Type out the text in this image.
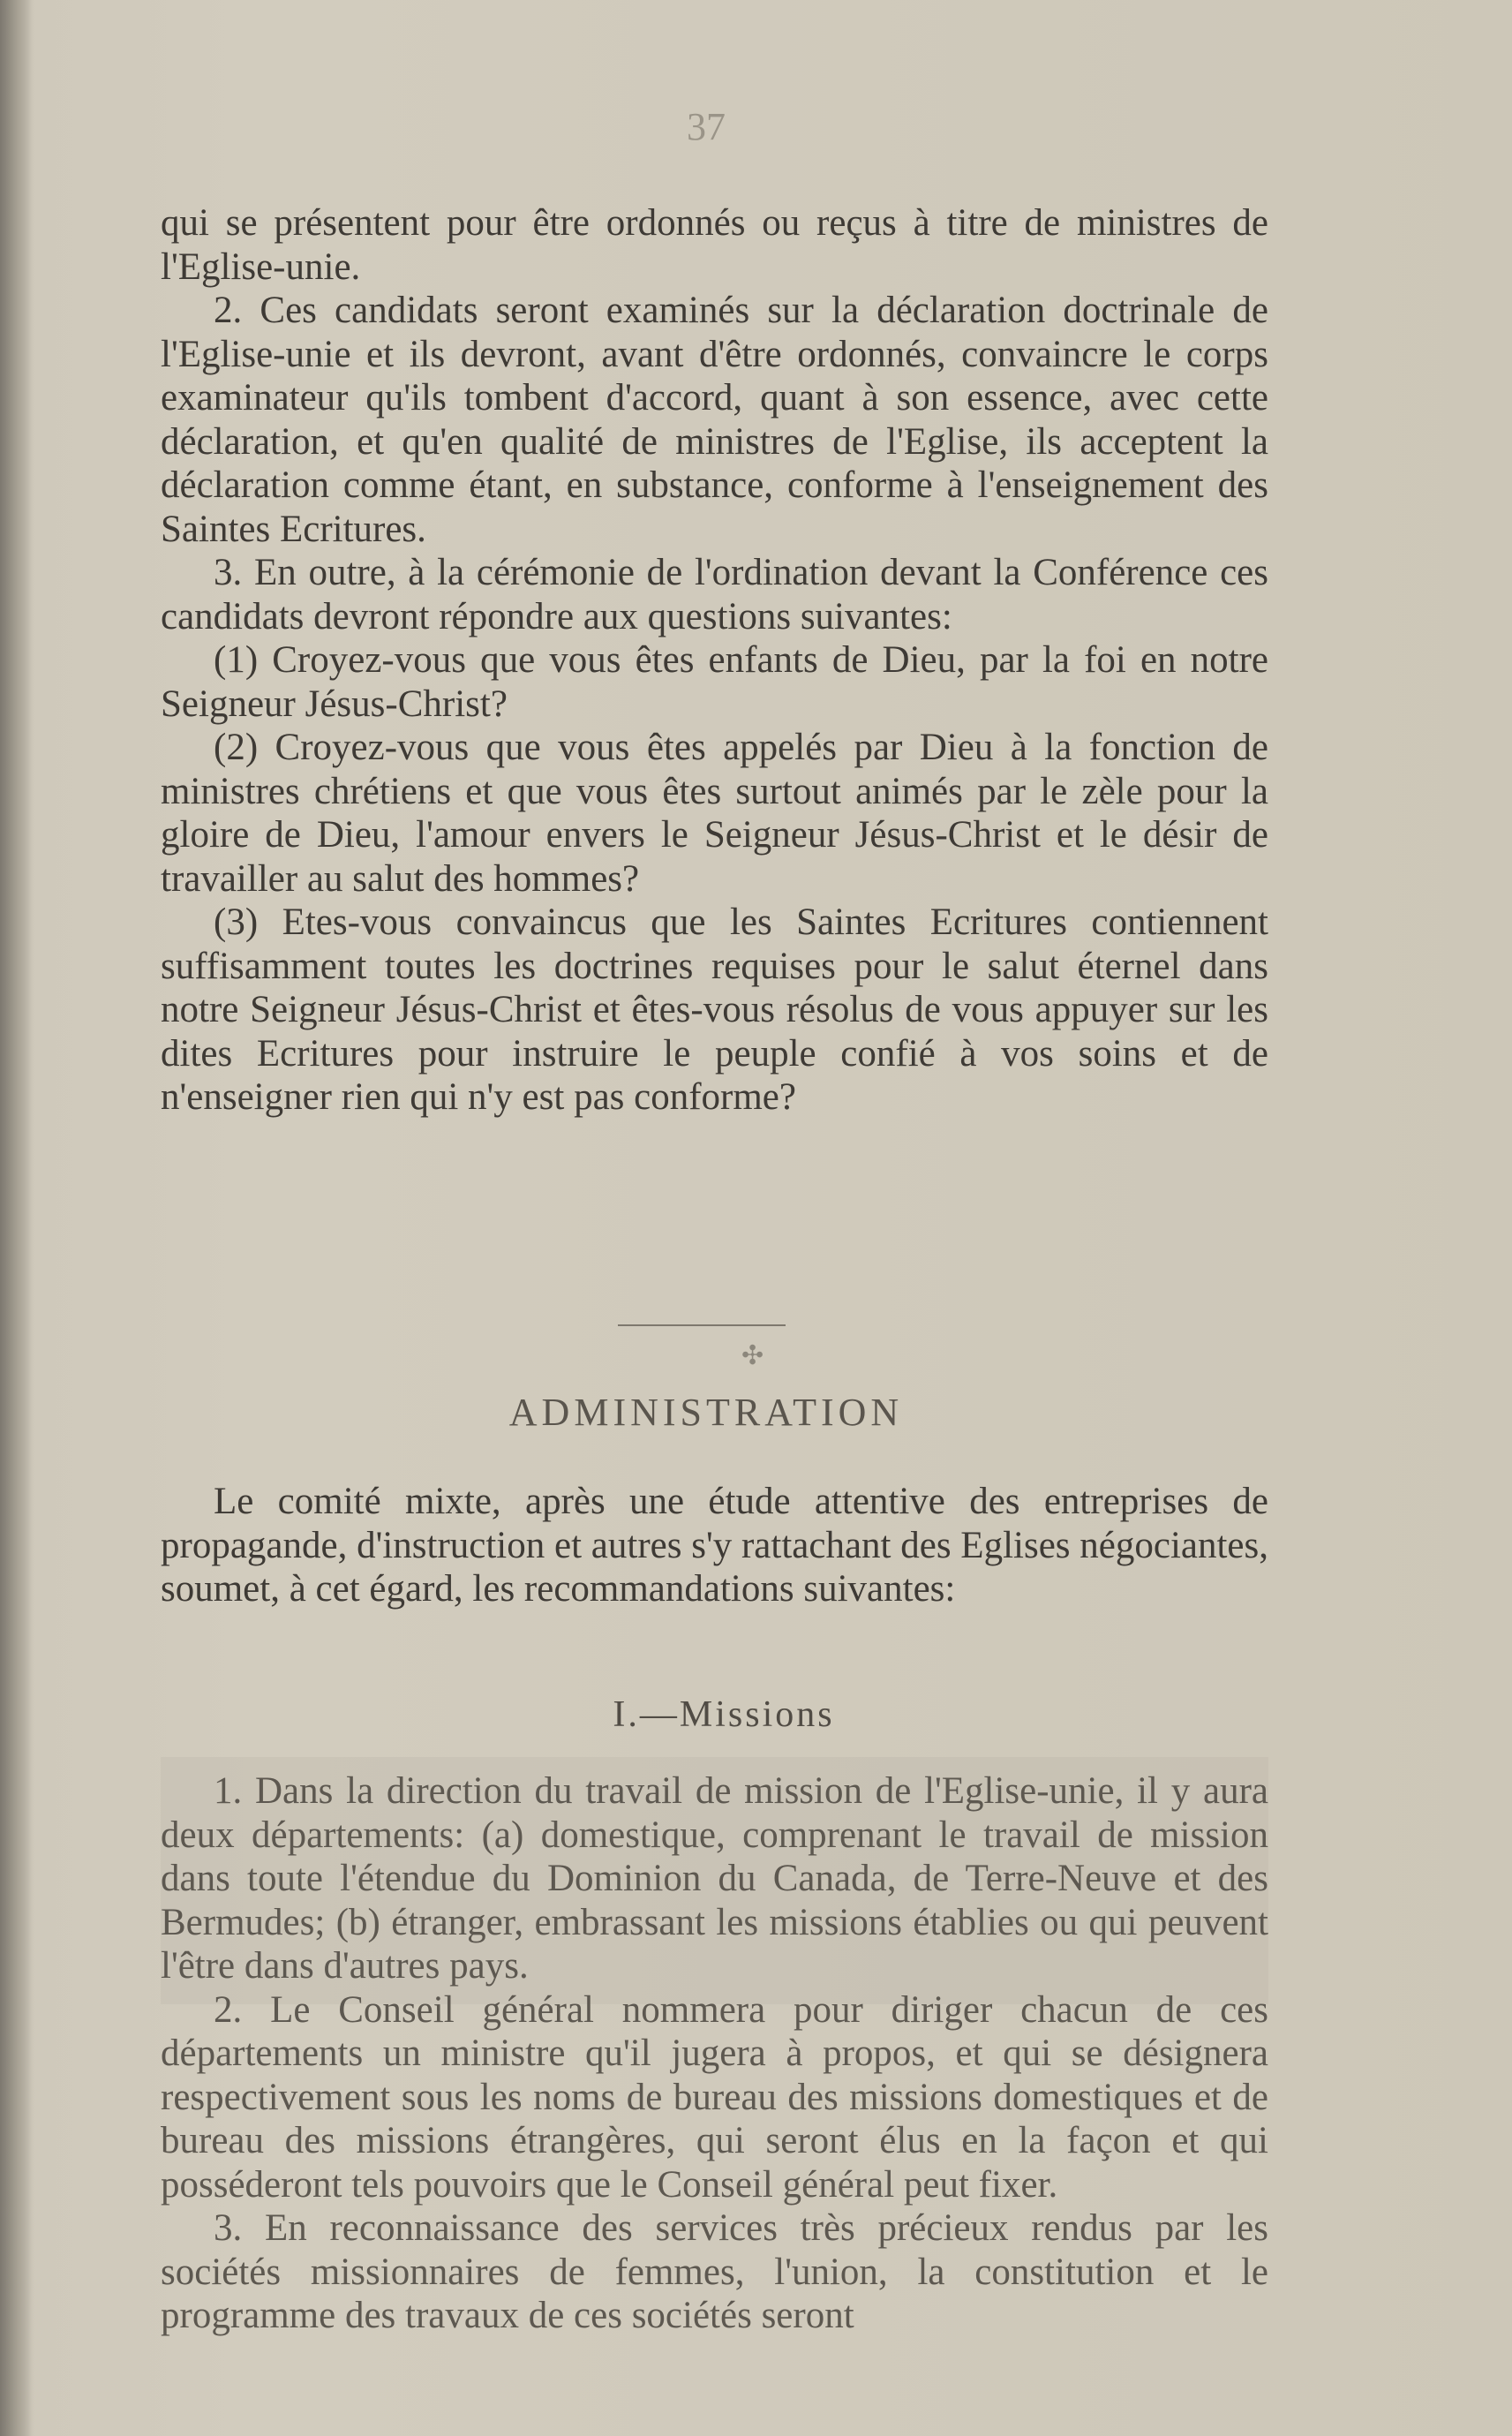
37

qui se présentent pour être ordonnés ou reçus à titre de ministres de l'Eglise-unie.

2. Ces candidats seront examinés sur la déclaration doctrinale de l'Eglise-unie et ils devront, avant d'être ordonnés, convaincre le corps examinateur qu'ils tombent d'accord, quant à son essence, avec cette déclaration, et qu'en qualité de ministres de l'Eglise, ils acceptent la déclaration comme étant, en substance, conforme à l'enseignement des Saintes Ecritures.

3. En outre, à la cérémonie de l'ordination devant la Conférence ces candidats devront répondre aux questions suivantes:

(1) Croyez-vous que vous êtes enfants de Dieu, par la foi en notre Seigneur Jésus-Christ?

(2) Croyez-vous que vous êtes appelés par Dieu à la fonction de ministres chrétiens et que vous êtes surtout animés par le zèle pour la gloire de Dieu, l'amour envers le Seigneur Jésus-Christ et le désir de travailler au salut des hommes?

(3) Etes-vous convaincus que les Saintes Ecritures contiennent suffisamment toutes les doctrines requises pour le salut éternel dans notre Seigneur Jésus-Christ et êtes-vous résolus de vous appuyer sur les dites Ecritures pour instruire le peuple confié à vos soins et de n'enseigner rien qui n'y est pas conforme?

✣
ADMINISTRATION

Le comité mixte, après une étude attentive des entreprises de propagande, d'instruction et autres s'y rattachant des Eglises négociantes, soumet, à cet égard, les recommandations suivantes:

I.—Missions

1. Dans la direction du travail de mission de l'Eglise-unie, il y aura deux départements: (a) domestique, comprenant le travail de mission dans toute l'étendue du Dominion du Canada, de Terre-Neuve et des Bermudes; (b) étranger, embrassant les missions établies ou qui peuvent l'être dans d'autres pays.

2. Le Conseil général nommera pour diriger chacun de ces départements un ministre qu'il jugera à propos, et qui se désignera respectivement sous les noms de bureau des missions domestiques et de bureau des missions étrangères, qui seront élus en la façon et qui posséderont tels pouvoirs que le Conseil général peut fixer.

3. En reconnaissance des services très précieux rendus par les sociétés missionnaires de femmes, l'union, la constitution et le programme des travaux de ces sociétés seront
